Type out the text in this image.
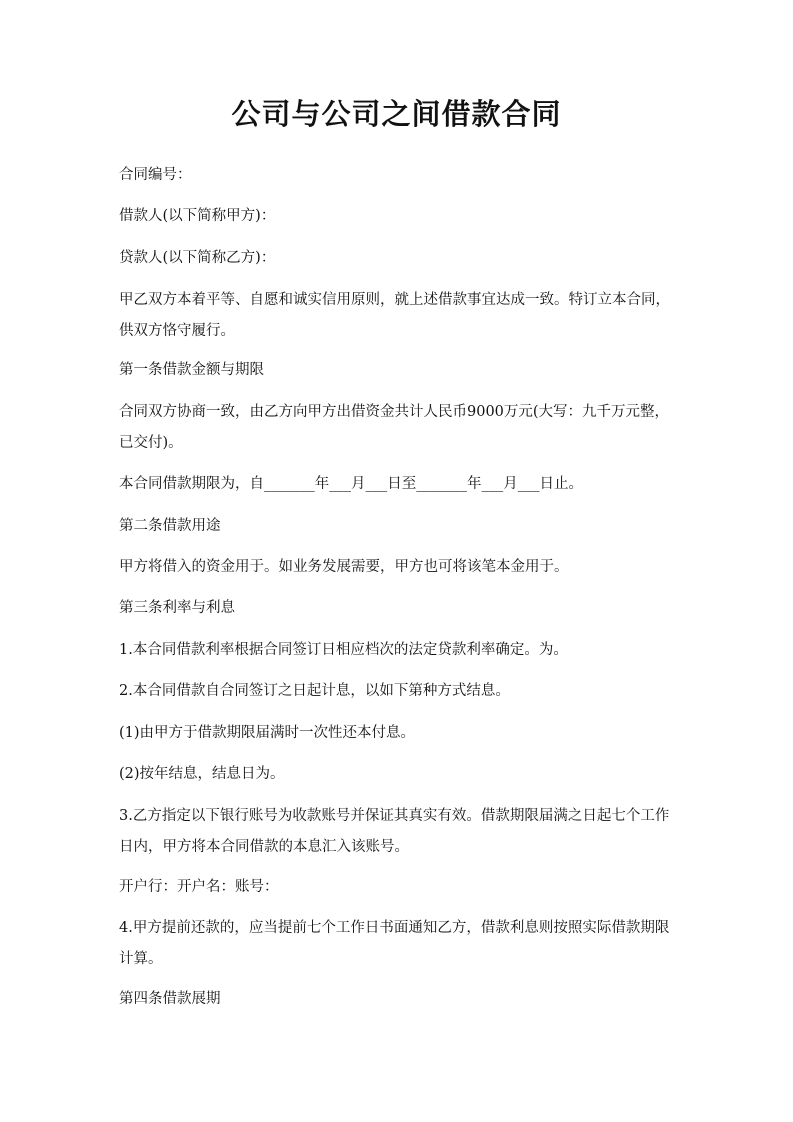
公司与公司之间借款合同
合同编号：
借款人(以下简称甲方)：
贷款人(以下简称乙方)：
甲乙双方本着平等、自愿和诚实信用原则，就上述借款事宜达成一致。特订立本合同，供双方恪守履行。
第一条借款金额与期限
合同双方协商一致，由乙方向甲方出借资金共计人民币9000万元(大写：九千万元整，已交付)。
本合同借款期限为，自_______年___月___日至_______年___月___日止。
第二条借款用途
甲方将借入的资金用于。如业务发展需要，甲方也可将该笔本金用于。
第三条利率与利息
1.本合同借款利率根据合同签订日相应档次的法定贷款利率确定。为。
2.本合同借款自合同签订之日起计息，以如下第种方式结息。
(1)由甲方于借款期限届满时一次性还本付息。
(2)按年结息，结息日为。
3.乙方指定以下银行账号为收款账号并保证其真实有效。借款期限届满之日起七个工作日内，甲方将本合同借款的本息汇入该账号。
开户行：开户名：账号：
4.甲方提前还款的，应当提前七个工作日书面通知乙方，借款利息则按照实际借款期限计算。
第四条借款展期
